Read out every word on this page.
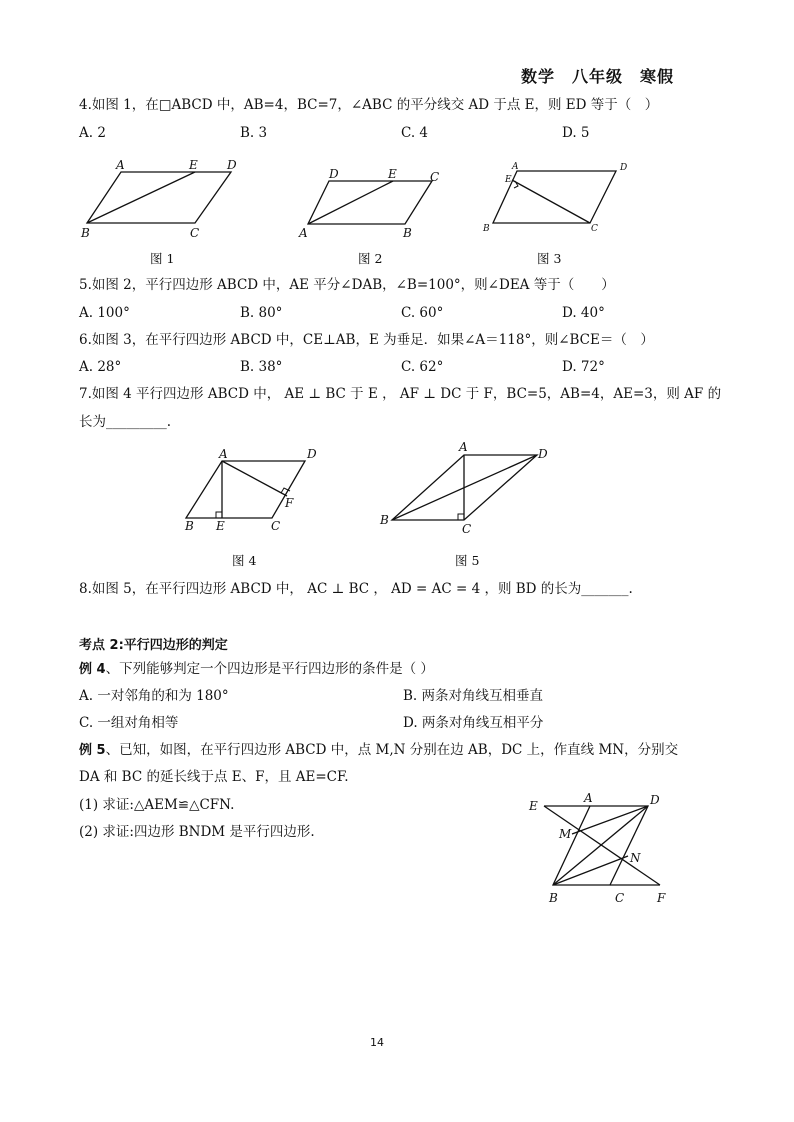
数学　八年级　寒假
4.如图 1，在□ABCD 中，AB=4，BC=7，∠ABC 的平分线交 AD 于点 E，则 ED 等于（　）
A. 2	B. 3	C. 4	D. 5
A	E D
B	C
D	E	C
A	B
A	D
E
B	C
A	D
F
B E	C
A	D
B
C
E
A	D
M
N
B	C	F
图 1	图 2	图 3
5.如图 2，平行四边形 ABCD 中，AE 平分∠DAB，∠B=100°，则∠DEA 等于（　　）
A. 100°	B. 80°	C. 60°	D. 40°
6.如图 3，在平行四边形 ABCD 中，CE⊥AB，E 为垂足．如果∠A＝118°，则∠BCE＝（　）
A. 28°	B. 38°	C. 62°	D. 72°
7.如图 4 平行四边形 ABCD 中， AE ⊥ BC 于 E ， AF ⊥ DC 于 F，BC=5，AB=4，AE=3，则 AF 的
长为_________.
图 4	图 5
8.如图 5，在平行四边形 ABCD 中， AC ⊥ BC ， AD = AC = 4 ，则 BD 的长为_______.
考点 2:平行四边形的判定
例 4、下列能够判定一个四边形是平行四边形的条件是（ ）
A. 一对邻角的和为 180°	B. 两条对角线互相垂直
C. 一组对角相等	D. 两条对角线互相平分
例 5、已知，如图，在平行四边形 ABCD 中，点 M,N 分别在边 AB，DC 上，作直线 MN，分别交
DA 和 BC 的延长线于点 E、F，且 AE=CF.
(1) 求证:△AEM≌△CFN.
(2) 求证:四边形 BNDM 是平行四边形.
14
